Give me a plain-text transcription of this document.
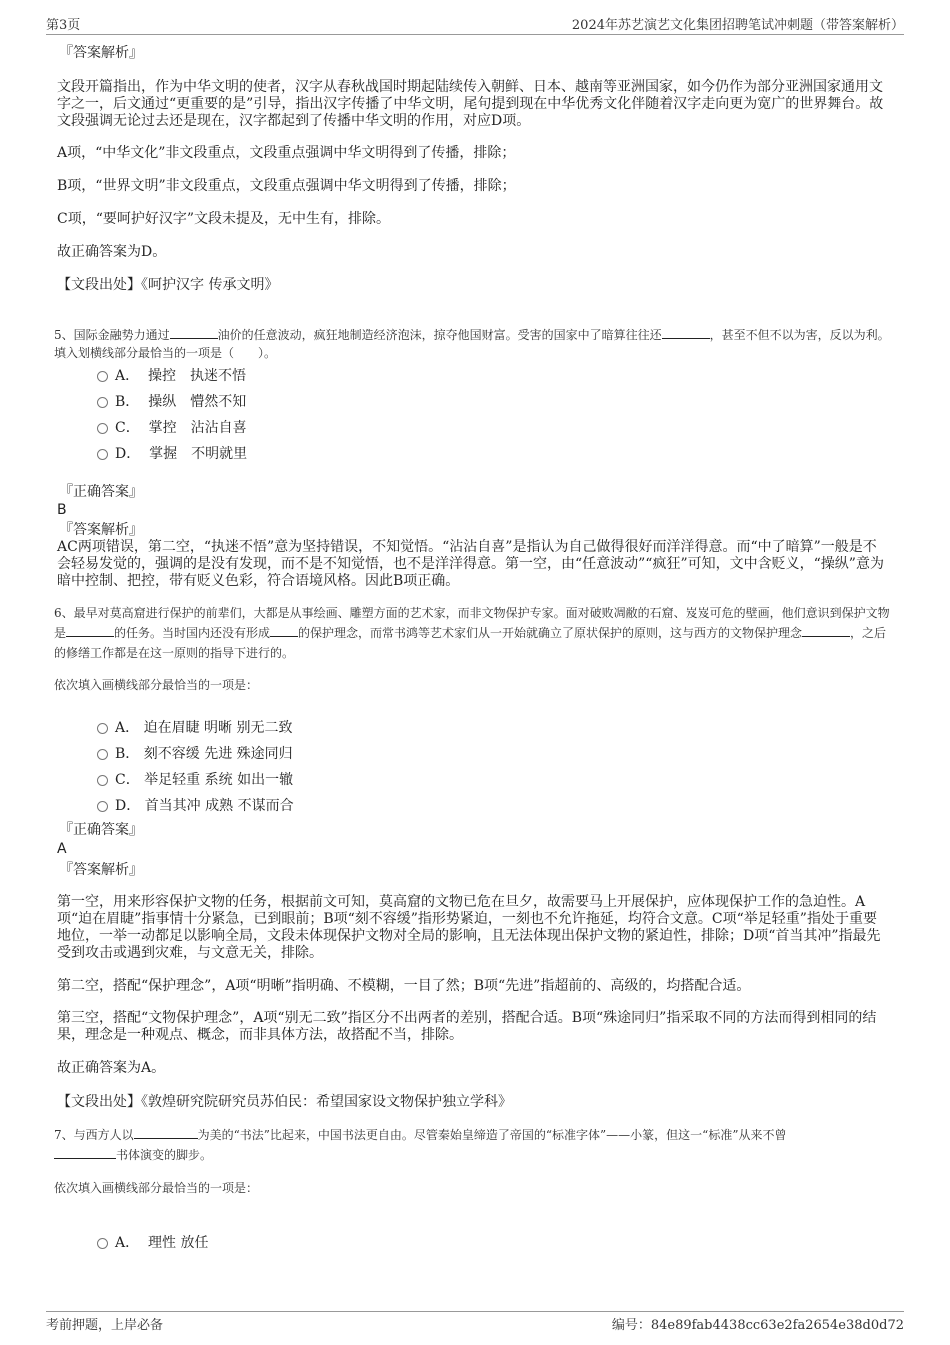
第3页	2024年苏艺演艺文化集团招聘笔试冲刺题（带答案解析）

『答案解析』

文段开篇指出，作为中华文明的使者，汉字从春秋战国时期起陆续传入朝鲜、日本、越南等亚洲国家，如今仍作为部分亚洲国家通用文字之一，后文通过“更重要的是”引导，指出汉字传播了中华文明，尾句提到现在中华优秀文化伴随着汉字走向更为宽广的世界舞台。故文段强调无论过去还是现在，汉字都起到了传播中华文明的作用，对应D项。

A项，“中华文化”非文段重点，文段重点强调中华文明得到了传播，排除；

B项，“世界文明”非文段重点，文段重点强调中华文明得到了传播，排除；

C项，“要呵护好汉字”文段未提及，无中生有，排除。

故正确答案为D。

【文段出处】《呵护汉字 传承文明》

5、国际金融势力通过	油价的任意波动，疯狂地制造经济泡沫，掠夺他国财富。受害的国家中了暗算往往还	，甚至不但不以为害，反以为利。

填入划横线部分最恰当的一项是（　　）。

A． 操控　执迷不悟
B． 操纵　懵然不知
C． 掌控　沾沾自喜
D． 掌握　不明就里

『正确答案』

B

『答案解析』

AC两项错误，第二空，“执迷不悟”意为坚持错误，不知觉悟。“沾沾自喜”是指认为自己做得很好而洋洋得意。而“中了暗算”一般是不会轻易发觉的，强调的是没有发现，而不是不知觉悟，也不是洋洋得意。第一空，由“任意波动”“疯狂”可知，文中含贬义，“操纵”意为暗中控制、把控，带有贬义色彩，符合语境风格。因此B项正确。

6、最早对莫高窟进行保护的前辈们，大都是从事绘画、雕塑方面的艺术家，而非文物保护专家。面对破败凋敝的石窟、岌岌可危的壁画，他们意识到保护文物是	的任务。当时国内还没有形成 的保护理念，而常书鸿等艺术家们从一开始就确立了原状保护的原则，这与西方的文物保护理念	，之后的修缮工作都是在这一原则的指导下进行的。

依次填入画横线部分最恰当的一项是：

A． 迫在眉睫 明晰 别无二致
B． 刻不容缓 先进 殊途同归
C． 举足轻重 系统 如出一辙
D． 首当其冲 成熟 不谋而合

『正确答案』

A

『答案解析』

第一空，用来形容保护文物的任务，根据前文可知，莫高窟的文物已危在旦夕，故需要马上开展保护，应体现保护工作的急迫性。A项“迫在眉睫”指事情十分紧急，已到眼前；B项“刻不容缓”指形势紧迫，一刻也不允许拖延，均符合文意。C项“举足轻重”指处于重要地位，一举一动都足以影响全局，文段未体现保护文物对全局的影响，且无法体现出保护文物的紧迫性，排除；D项“首当其冲”指最先受到攻击或遇到灾难，与文意无关，排除。

第二空，搭配“保护理念”，A项“明晰”指明确、不模糊，一目了然；B项“先进”指超前的、高级的，均搭配合适。

第三空，搭配“文物保护理念”，A项“别无二致”指区分不出两者的差别，搭配合适。B项“殊途同归”指采取不同的方法而得到相同的结果，理念是一种观点、概念，而非具体方法，故搭配不当，排除。

故正确答案为A。

【文段出处】《敦煌研究院研究员苏伯民：希望国家设文物保护独立学科》

7、与西方人以	为美的“书法”比起来，中国书法更自由。尽管秦始皇缔造了帝国的“标准字体”——小篆，但这一“标准”从来不曾
书体演变的脚步。

依次填入画横线部分最恰当的一项是：

A． 理性 放任
考前押题，上岸必备	编号：84e89fab4438cc63e2fa2654e38d0d72
